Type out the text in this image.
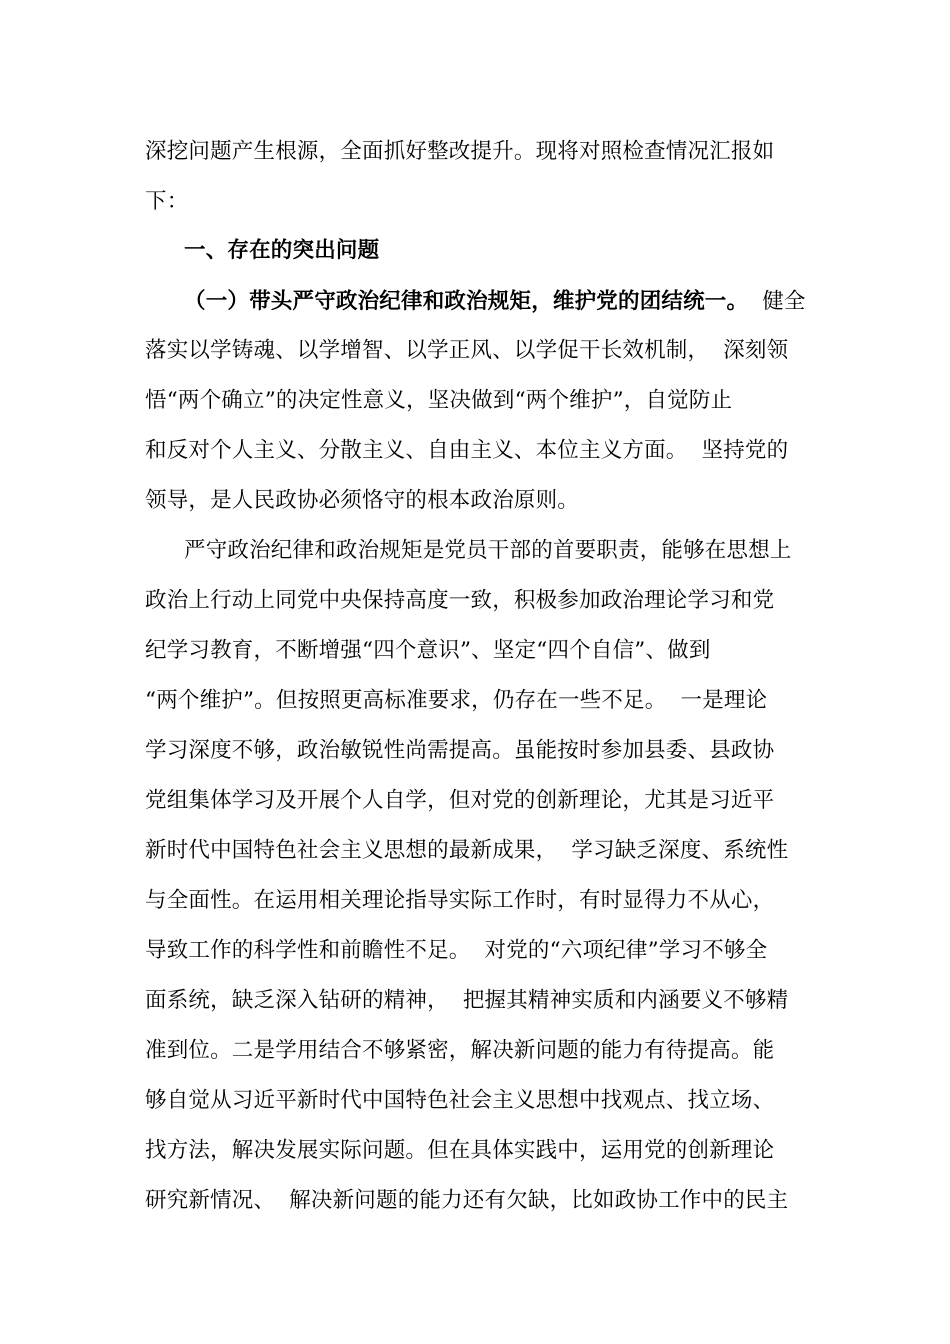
深挖问题产生根源，全面抓好整改提升。现将对照检查情况汇报如
下：
一、存在的突出问题
（一）带头严守政治纪律和政治规矩，维护党的团结统一。 健全
落实以学铸魂、以学增智、以学正风、以学促干长效机制， 深刻领
悟“两个确立”的决定性意义，坚决做到“两个维护”，自觉防止
和反对个人主义、分散主义、自由主义、本位主义方面。 坚持党的
领导，是人民政协必须恪守的根本政治原则。
严守政治纪律和政治规矩是党员干部的首要职责，能够在思想上
政治上行动上同党中央保持高度一致，积极参加政治理论学习和党
纪学习教育，不断增强“四个意识”、坚定“四个自信”、做到
“两个维护”。但按照更高标准要求，仍存在一些不足。 一是理论
学习深度不够，政治敏锐性尚需提高。虽能按时参加县委、县政协
党组集体学习及开展个人自学，但对党的创新理论，尤其是习近平
新时代中国特色社会主义思想的最新成果， 学习缺乏深度、系统性
与全面性。在运用相关理论指导实际工作时，有时显得力不从心，
导致工作的科学性和前瞻性不足。 对党的“六项纪律”学习不够全
面系统，缺乏深入钻研的精神， 把握其精神实质和内涵要义不够精
准到位。二是学用结合不够紧密，解决新问题的能力有待提高。能
够自觉从习近平新时代中国特色社会主义思想中找观点、找立场、
找方法，解决发展实际问题。但在具体实践中，运用党的创新理论
研究新情况、 解决新问题的能力还有欠缺，比如政协工作中的民主
